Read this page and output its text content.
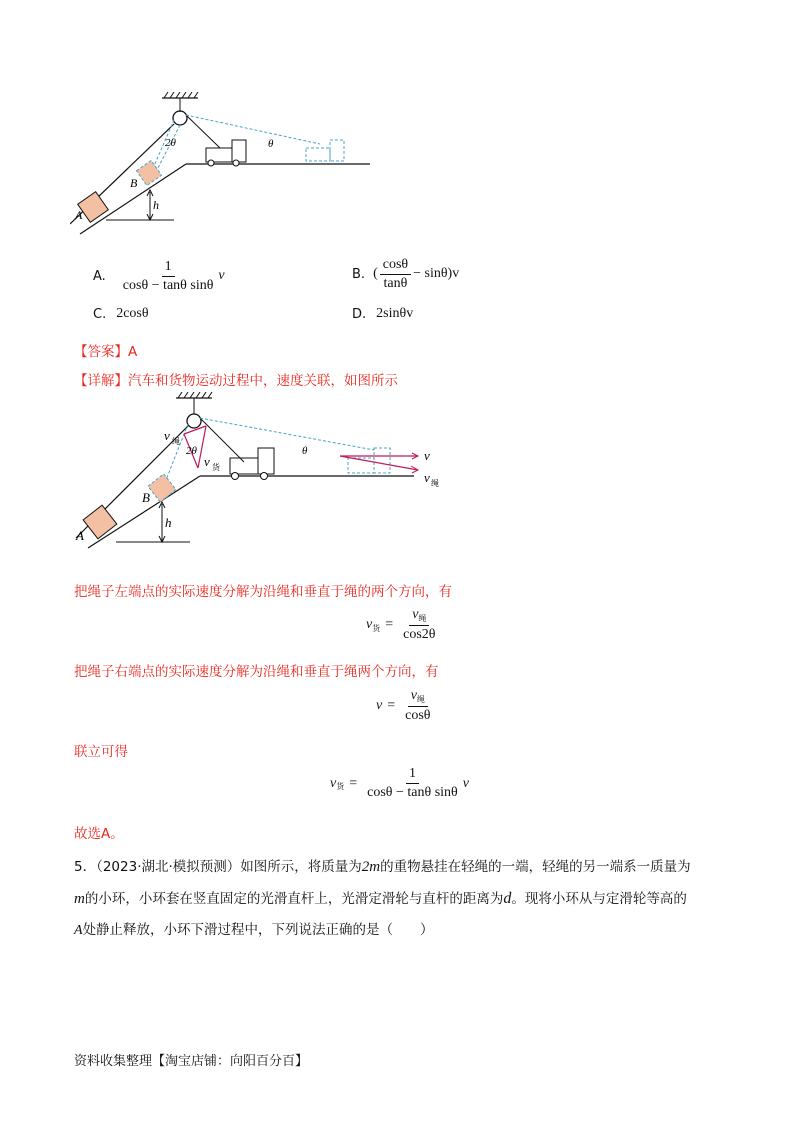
h
A
B
2θ	θ
A. $\frac{1}{\text{cosθ − tanθ sinθ}}$ v	B. ( $\frac{\cos\theta}{\tan\theta} - \sin\theta)v$
C. 2cosθ	D. 2sinθv
【答案】A
【详解】汽车和货物运动过程中，速度关联，如图所示
h
A
B
v 绳
2θ
v 货
θ	v
v 绳
把绳子左端点的实际速度分解为沿绳和垂直于绳的两个方向，有
v 货 = $\frac{v_绳}{\cos 2\theta}$
把绳子右端点的实际速度分解为沿绳和垂直于绳两个方向，有
$v = \frac{v_绳}{\cos\theta}$
联立可得
v 货 = $\frac{1}{\text{cosθ − tanθ sinθ}}$ v
故选A。
5．（2023·湖北·模拟预测）如图所示，将质量为2m的重物悬挂在轻绳的一端，轻绳的另一端系一质量为
m的小环，小环套在竖直固定的光滑直杆上，光滑定滑轮与直杆的距离为d。现将小环从与定滑轮等高的
A处静止释放，小环下滑过程中，下列说法正确的是（　　）
资料收集整理【淘宝店铺：向阳百分百】
